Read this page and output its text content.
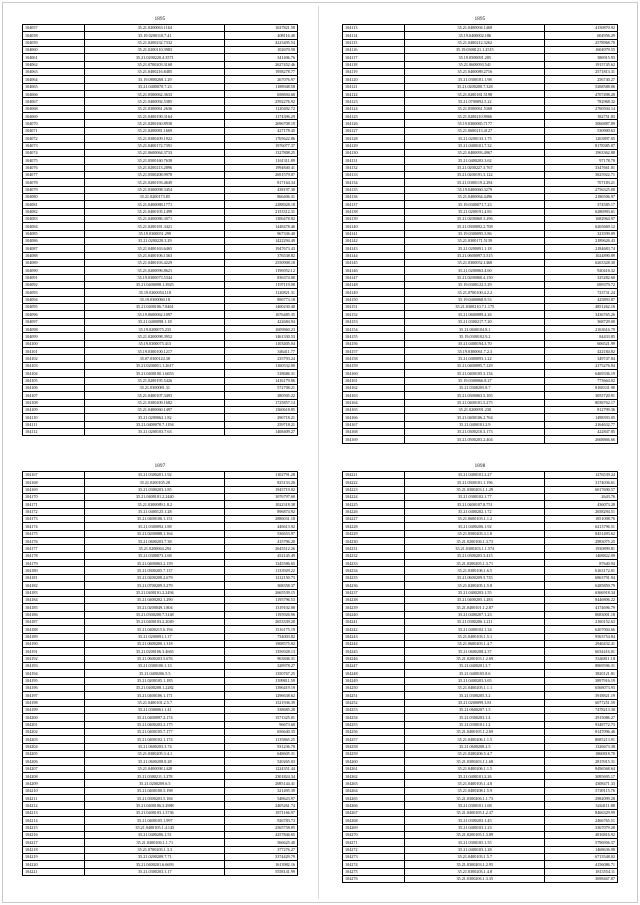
1895
104057	35.21.0200063.1164	1027821.58
104058	35.19.0200110.7.41	408116.40
104059	35.21.0200232.7332	4223495.54
104060	35.21.0200110.3983	102670.58
104061	35.21.0200220.4.3571	341406.76
104062	35.21.0700203.3168	2627452.46
104063	35.21.0400216.8485	1958278.77
104064	35.19.0800268.1.29	267076.97
104065	35.21.0400070.7.23	1188948.58
104066	35.21.0500062.3633	658694.68
104067	35.21.0400092.5385	2592276.92
104068	35.21.0300061.2636	1120492.72
104069	35.21.0400190.3164	1174396.29
104070	35.21.0200160.8938	2696708.19
104071	35.21.0200081.1669	427178.45
104072	35.21.0300209.1922	1765622.86
104073	35.21.0400172.7391	1976077.37
104074	35.21.0600064.3733	1327808.25
104075	35.21.0500160.7638	1161311.89
104076	35.21.0200213.2896	1994840.41
104077	35.21.0500208.9978	2691579.07
104078	35.21.0200193.4649	817164.34
104079	35.21.0300098.3454	438197.30
104080	35.21.0200173.85	866406.31
104081	35.21.0400088.1771	2288928.18
104082	35.21.0400105.1499	2153312.31
104083	35.21.0400086.3071	1306478.82
104084	35.21.0200181.3421	1448478.46
104085	35.19.0300051.299	967336.40
104086	35.21.0200229.3.29	1422294.49
104087	35.21.0400163.6465	1947673.43
104088	35.21.0400106.1363	376538.82
104089	35.21.0400103.4229	2550908.18
104090	35.21.0200096.8621	1196952.12
104091	35.19.0300073.5344	836374.08
104092	35.21.0400098.1.3925	1197119.08
104093	35.19.0200054.118	1120821.31
104094	35.19.0300060.18	896773.18
104095	35.21.0400106.7.8461	1400230.40
104096	35.19.0600062.1097	1676485.35
104097	35.21.0400098.1.18	422684.94
104098	35.19.0200075.233	1609860.23
104099	35.21.0200098.3952	1461330.53
104100	35.19.0300075.413	1103405.04
104101	35.19.0300100.1217	346411.77
104102	35.07.0300124.38	235793.24
104103	35.21.0200051.1.2617	1160532.00
104104	35.21.0400100.1.6653	318686.31
104105	35.21.0200195.5426	1416179.86
104106	35.21.0300081.31	572708.21
104107	35.21.0400107.3493	380505.22
104108	35.21.0300209.1682	1725857.14
104109	35.21.0400060.1497	1360618.85
104110	35.21.0200062.1.82	296718.21
104111	35.21.0400070.7.1194	259718.21
104112	35.21.0200103.7.63	1468409.27
1895
104113	35.21.0400004.1468	4150870.92
104114	35.19.0400002.186	604956.29
104115	35.21.0400212.3262	2578968.70
104116	35.19.0300121.1.2515	1604979.55
104117	35.19.0500091.205	386915.93
104118	35.21.0600093.541	1915745.62
104119	35.21.0400089.2716	2571813.31
104120	35.21.0300181.1.98	256740.27
104121	35.21.0200200.7.328	5268588.06
104122	35.21.0200181.5198	4707498.28
104123	35.21.0700092.5.22	782968.32
104124	35.21.0500061.5368	2760504.14
104125	35.21.0200210.8966	182751.83
104126	35.19.0300065.7177	3066887.89
104127	35.21.0600213.4127	530900.63
104128	35.21.0200133.1.75	1263897.05
104129	35.21.0400101.7.32	8178385.07
104130	35.21.0400093.4967	1963362.88
104131	35.21.0400203.3.62	97178.70
104132	35.21.0200227.3.767	3347661.01
104133	35.21.0200191.3.122	3825922.71
104134	35.21.0300119.2.294	707183.21
104135	35.19.0400060.3279	2756325.00
104136	35.21.0400064.4496	2186506.97
104137	35.19.0300071.7.23	374585.17
104138	35.21.0200191.4.83	6286993.61
104139	35.21.0200060.3.296	1682964.97
104140	35.21.0300092.2.708	6265669.12
104141	35.19.0300095.3.86	323599.09
104142	35.21.0300171.5139	2189626.43
104143	35.21.0200091.1.18	2184683.74
104144	35.21.0600097.3.515	1024890.89
104145	35.21.0300052.1468	6263328.30
104146	35.21.0200063.4.60	920416.32
104147	35.21.0200060.4.150	325282.60
104148	35.19.0300122.5.29	699379.72
104149	35.21.0700100.4.2.2	723731.24
104150	35.19.0400068.9.53	425893.87
104151	35.21.0300210.7.1.175	4851262.16
104152	35.21.0600089.4.26	3436765.26
104153	35.21.0300217.7.20	368729.00
104154	35.21.0600104.8.1	2163616.79
104155	35.19.0300102.9.2	84433.85
104156	35.21.0400194.3.70	606521.99
104157	35.19.0300061.7.2.3	422184.82
104158	35.21.0400093.1.22	349747.84
104159	35.21.0400095.7.129	2175276.94
104160	35.21.0400105.3.134	6469336.19
104161	35.19.0300066.8.27	773664.02
104162	35.21.0300205.8.7	8168331.90
104163	35.21.0300063.5.105	3055720.91
104164	35.21.0400101.5.275	8038762.17
104165	35.21.0200091.230	812799.36
104166	35.21.0400106.2.764	1498393.05
104167	35.21.0400101.2.9	2164632.77
104168	35.21.0300210.3.173	422847.85
104169	35.21.0500203.2.404	2668866.66
1897
104167	35.21.0300201.1.92	1102791.28
104168	35.21.0200105.28	825133.26
104169	35.21.0300203.1.85	1945719.02
104170	35.21.0400101.2.2440	1076797.60
104171	35.21.0300089.1.8.2	1022318.38
104172	35.21.0400125.1.28	896874.92
104173	35.21.0400106.1.151	2886031.18
104174	35.21.0300092.1.88	446613.92
104175	35.21.0200088.1.164	536653.97
104176	35.21.0600203.7.38	415796.20
104177	35.21.0200064.294	2645512.26
104178	35.21.0300073.1.68	452145.49
104179	35.21.0400063.2.159	1345586.65
104180	35.21.0300205.7.137	1133929.22
104181	35.21.0200208.2.679	1212150.73
104182	35.21.0700209.3.279	368358.37
104183	35.21.0400101.2.2494	2665539.15
104184	35.21.0400202.1.290	1195796.53
104185	35.21.0200049.1.804	1319102.08
104186	35.21.0300200.7.3148	1195926.96
104187	35.21.0400103.2.2049	2653339.20
104188	35.21.0400215.6.194	1516175.19
104189	35.21.0200091.1.17	734003.82
104190	35.21.0600200.1.318	1908575.02
104191	35.21.0200106.3.4665	1356928.13
104192	35.21.0600203.5.676	963846.31
104193	35.21.0300100.1.13	328978.27
104194	35.21.0400206.5.5	1350767.25
104195	35.21.0200105.1.185	1399811.59
104196	35.21.0400208.1.2282	1396419.19
104197	35.21.0400106.1.171	1296638.62
104198	35.21.0400101.2.5.7	1521936.39
104199	35.21.0300061.1.41	338685.28
104200	35.21.0400097.2.174	1571325.01
104201	35.21.0400203.2.175	96673.60
104202	35.21.0400105.7.177	656640.35
104203	35.21.0400102.1.174	1135865.25
104204	35.21.0600203.3.74	931236.70
104205	35.21.0300205.3.4.1	648605.31
104206	35.21.0600208.8.28	520265.03
104207	35.21.0400098.1428	1224351.44
104208	35.21.0300211.1.278	2301824.34
104209	35.21.0200209.6.5	2085144.41
104210	35.21.0400100.5.198	321495.39
104211	35.21.0300203.5.184	548623.97
104212	35.21.0400106.3.2988	2405261.74
104213	35.21.0400103.1.3736	1871166.97
104214	35.21.0400105.1.997	926783.73
104215	35.21.0400105.1.4.145	2565758.05
104216	35.21.0400206.1.51	4257846.65
104217	35.21.0400106.1.1.71	566625.40
104218	35.21.0700203.1.3.3	377276.27
104219	35.21.0200209.7.71	3374429.79
104220	35.21.0400201.6.6693	1613982.16
104221	35.21.0300203.1.17	5558141.99
1898
104221	35.21.0400101.2.27	1276539.24
104222	35.21.0300101.1.196	3174036.61
104223	35.21.0300203.1.1.29	6017690.57
104224	35.21.0300102.1.77	2643.76
104225	35.21.0400107.8.751	436073.28
104226	35.21.0400202.1.72	2658294.51
104227	35.21.0600103.1.1.2	1851098.76
104228	35.21.0400206.1.92	6213796.51
104229	35.21.0500203.3.1.8	8451493.62
104230	35.21.0200106.1.3.73	2983075.25
104231	35.21.0300203.1.1.574	1930899.81
104232	35.21.0300203.3.415	1468822.09
104233	35.21.0300205.1.3.71	87640.94
104234	35.21.0300106.1.6.5	6163172.01
104235	35.21.0600209.5.735	6863791.94
104236	35.21.0200205.1.5.8	6285859.79
104237	35.21.0400203.1.55	6366918.34
104238	35.21.0400205.1.283	8446806.22
104239	35.21.0400101.1.2.87	4174696.79
104240	35.21.0400207.1.23	8683001.18
104241	35.21.0300206.1.211	2160152.63
104242	35.21.0400102.1.34	6207004.66
104243	35.21.0400103.1.5.1	9563754.84
104244	35.21.0600203.1.4.7	2946432.41
104245	35.21.0600208.2.37	6034416.01
104246	35.21.0200103.1.2.69	3346811.18
104247	35.21.0400201.3.7	8869596.31
104248	35.21.0400105.8.6	3820121.81
104249	35.21.0400203.3.65	3897916.19
104250	35.21.0400205.1.1.1	6568073.93
104251	35.21.0300205.3.2	3918821.19
104252	35.21.0200099.3.81	6077251.59
104253	35.21.0600207.1.5	7478213.30
104254	35.21.0300203.1.4	2915086.27
104255	35.21.0300101.1.2	9348772.73
104256	35.21.0400105.1.2.69	8147096.46
104257	35.21.0400206.1.1.5	8685213.91
104258	35.21.0600208.2.5	1326673.38
104259	35.21.0200206.5.4.7	1860818.70
104260	35.21.0300203.1.1.68	2815915.31
104261	35.21.0400206.1.1.5	8496568.64
104262	35.21.0400101.2.26	3085695.17
104263	35.21.0400105.1.4.8	4308471.33
104264	35.21.0400208.1.5.9	5749115.76
104265	35.21.0300206.1.1.73	2982099.28
104266	35.21.0300101.1.68	3264111.88
104267	35.21.0400105.1.2.37	8466329.99
104268	35.21.0300203.1.45	2466765.51
104269	35.21.0400103.1.23	3367079.28
104270	35.21.0200105.1.3.89	4816816.92
104271	35.21.0300105.1.55	5796956.37
104272	35.21.0400103.1.28	1468636.98
104273	35.21.0400103.1.5.7	6713548.02
104274	35.21.0300203.1.2.95	4156086.71
104275	35.21.0300203.1.4.8	1813554.11
104276	35.21.0300206.1.3.35	3698467.87
